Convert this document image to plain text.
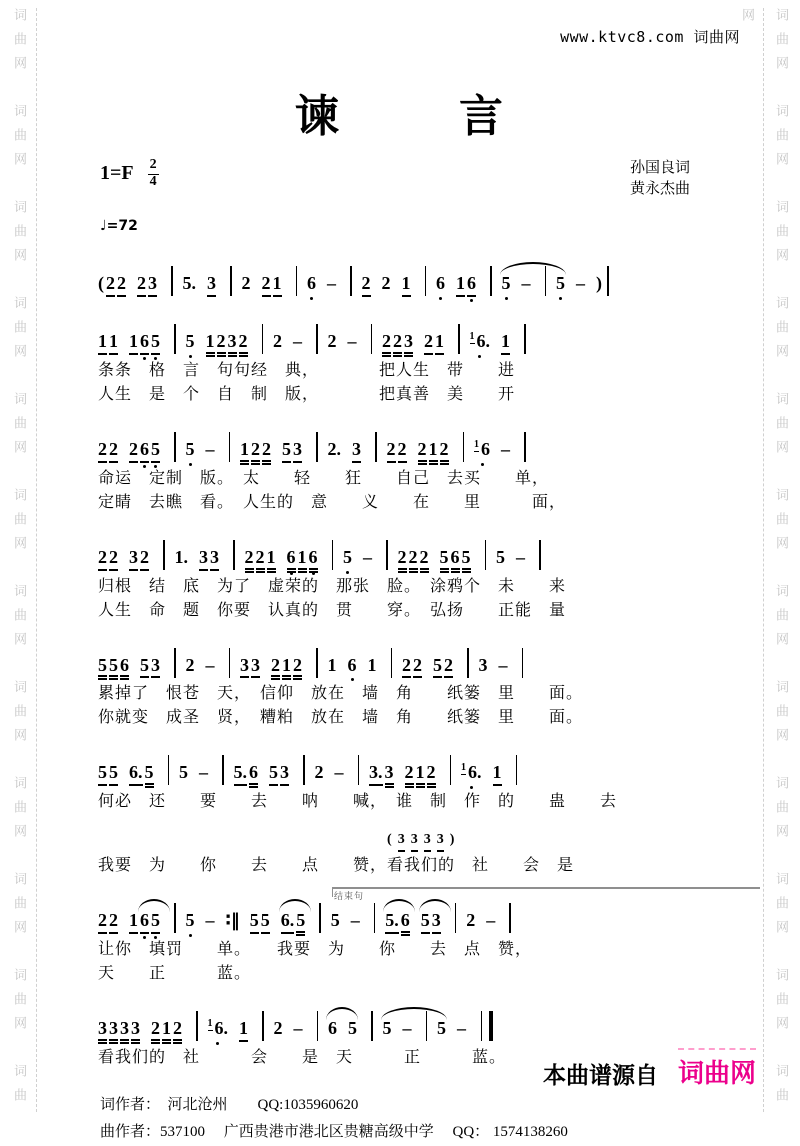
词曲网　词曲网　词曲网　词曲网　词曲网　词曲网　词曲网　词曲网　词曲网　词曲网　词曲网　词曲	词曲网　词曲网　词曲网　词曲网　词曲网　词曲网　词曲网　词曲网　词曲网　词曲网　词曲网　词曲网
www.ktvc8.com 词曲网
谏	言
$1=F \frac{2}{4}$	孙国良词
黄永杰曲
♩=72
( 2 2 2 3 5. 3 2 2 1 6 – 2 2 1 6 1 6 5 – 5 – )
1 1 1 6 5 5 1 2 3 2 2 – 2 – 2 2 3 2 1	$^1$ 6. 1
条条　格　言　句句经　典，　　　　把人生　带　　进
人生　是　个　自　制　版，　　　　把真善　美　　开
2 2 2 6 5 5 – 1 2 2 5 3 2. 3 2 2 2 1 2	$^1$ 6 –
命运　定制　版。　太　　轻　　狂　　自己　去买　　单，
定睛　去瞧　看。　人生的　意　　义　　在　　里　　　面，
2 2 3 2 1. 3 3 2 2 1 6 1 6 5 – 2 2 2 5 6 5 5 –
归根　结　底　为了　虚荣的　那张　脸。　涂鸦个　未　　来
人生　命　题　你要　认真的　贯　　穿。　弘扬　　正能　量
5 5 6 5 3 2 – 3 3 2 1 2 1 6 1 2 2 5 2 3 –
累掉了　恨苍　天，　信仰　放在　墙　角　　纸篓　里　　面。
你就变　成圣　贤，　糟粕　放在　墙　角　　纸篓　里　　面。
5 5 6. 5 5 – 5. 6 5 3 2 – 3. 3 2 1 2	$^1$ 6. 1
何必　还　　要　　去　　呐　　喊，　谁　制　作　的　　蛊　　去
我要　为　　你　　去　　点　　赞，
( 3 3 3 3 )
看我们的　社　　会　是
结束句
2 2 1 6 5 5 – ∶‖ 5 5 6. 5 5 – 5. 6 5 3 2 –
让你　填罚　　单。　　我要　为　　你　　去　点　赞，
天　　正　　　蓝。
3 3 3 3 2 1 2	$^1$ 6. 1 2 – 6 5 5 – 5 –
看我们的　社　　　会　　是　天　　　正　　　蓝。
词作者：　河北沧州　　QQ:1035960620
曲作者：537100　 广西贵港市港北区贵糖高级中学　 QQ： 1574138260
本曲谱源自 词曲网
